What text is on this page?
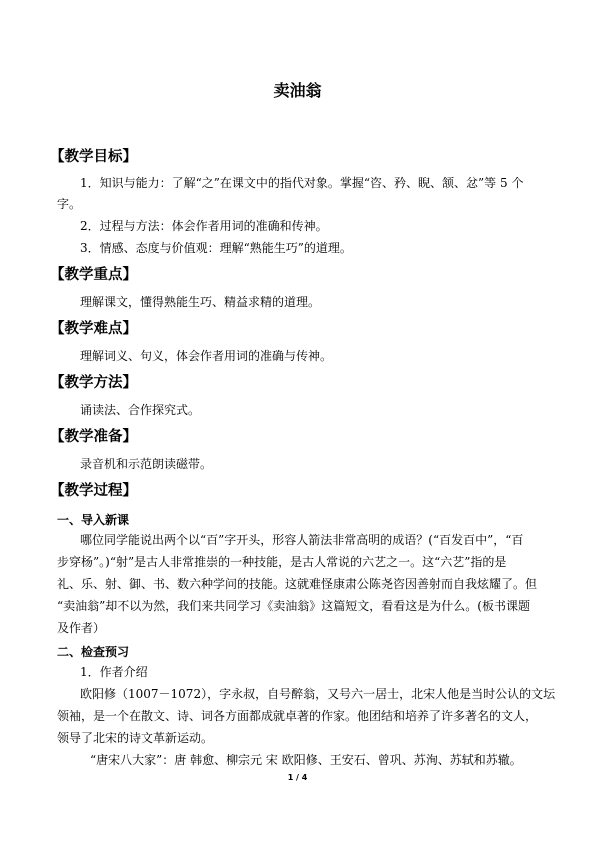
卖油翁
【教学目标】
1．知识与能力：了解“之”在课文中的指代对象。掌握“咨、矜、睨、颔、忿”等 5 个
字。
2．过程与方法：体会作者用词的准确和传神。
3．情感、态度与价值观：理解“熟能生巧”的道理。
【教学重点】
理解课文，懂得熟能生巧、精益求精的道理。
【教学难点】
理解词义、句义，体会作者用词的准确与传神。
【教学方法】
诵读法、合作探究式。
【教学准备】
录音机和示范朗读磁带。
【教学过程】
一、导入新课
哪位同学能说出两个以“百”字开头，形容人箭法非常高明的成语？(“百发百中”，“百
步穿杨”。)“射”是古人非常推崇的一种技能，是古人常说的六艺之一。这“六艺”指的是
礼、乐、射、御、书、数六种学问的技能。这就难怪康肃公陈尧咨因善射而自我炫耀了。但
“卖油翁”却不以为然，我们来共同学习《卖油翁》这篇短文，看看这是为什么。(板书课题
及作者）
二、检查预习
1．作者介绍
欧阳修（1007－1072），字永叔，自号醉翁，又号六一居士，北宋人他是当时公认的文坛
领袖，是一个在散文、诗、词各方面都成就卓著的作家。他团结和培养了许多著名的文人，
领导了北宋的诗文革新运动。
“唐宋八大家”：唐 韩愈、柳宗元 宋 欧阳修、王安石、曾巩、苏洵、苏轼和苏辙。
1 / 4
